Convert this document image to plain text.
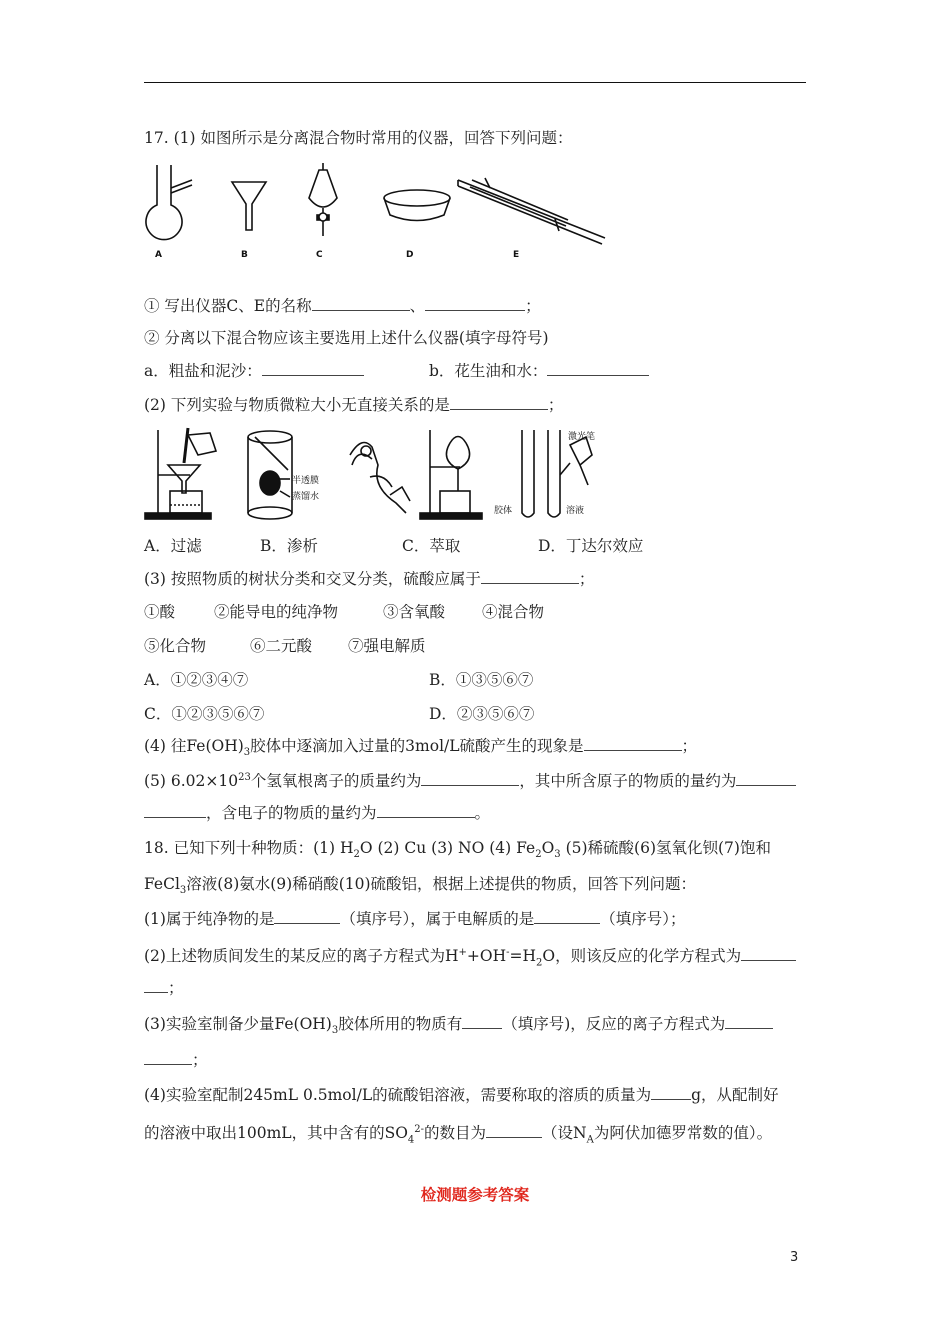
17. (1) 如图所示是分离混合物时常用的仪器，回答下列问题：
A	B	C	D	E
① 写出仪器C、E的名称	、	；
② 分离以下混合物应该主要选用上述什么仪器(填字母符号)
a．粗盐和泥沙：	b．花生油和水：
(2) 下列实验与物质微粒大小无直接关系的是	；
半透膜
蒸馏水
激光笔
胶体	溶液
A．过滤	B．渗析	C．萃取	D．丁达尔效应
(3) 按照物质的树状分类和交叉分类，硫酸应属于	；
①酸	②能导电的纯净物	③含氧酸 ④混合物
⑤化合物	⑥二元酸 ⑦强电解质
A．①②③④⑦	B．①③⑤⑥⑦
C．①②③⑤⑥⑦	D．②③⑤⑥⑦
(4) 往$Fe(OH)_3$胶体中逐滴加入过量的3mol/L硫酸产生的现象是	；
(5) $6.02\times 10^{23}$个氢氧根离子的质量约为	，其中所含原子的物质的量约为
，含电子的物质的量约为	。
18. 已知下列十种物质：(1) $H_2O$ (2) Cu (3) NO (4) $Fe_2O_3$ (5)稀硫酸(6)氢氧化钡(7)饱和
FeCl$_3$溶液(8)氨水(9)稀硝酸(10)硫酸铝，根据上述提供的物质，回答下列问题：
(1)属于纯净物的是	（填序号），属于电解质的是	（填序号）；
(2)上述物质间发生的某反应的离子方程式为$H^++OH^-=H_2O$，则该反应的化学方程式为
；
(3)实验室制备少量$Fe(OH)_3$胶体所用的物质有	（填序号)，反应的离子方程式为
；
(4)实验室配制245mL 0.5mol/L的硫酸铝溶液，需要称取的溶质的质量为	g，从配制好
的溶液中取出100mL，其中含有的$SO_4^{2-}$的数目为	（设$N_A$为阿伏加德罗常数的值）。
检测题参考答案
3
